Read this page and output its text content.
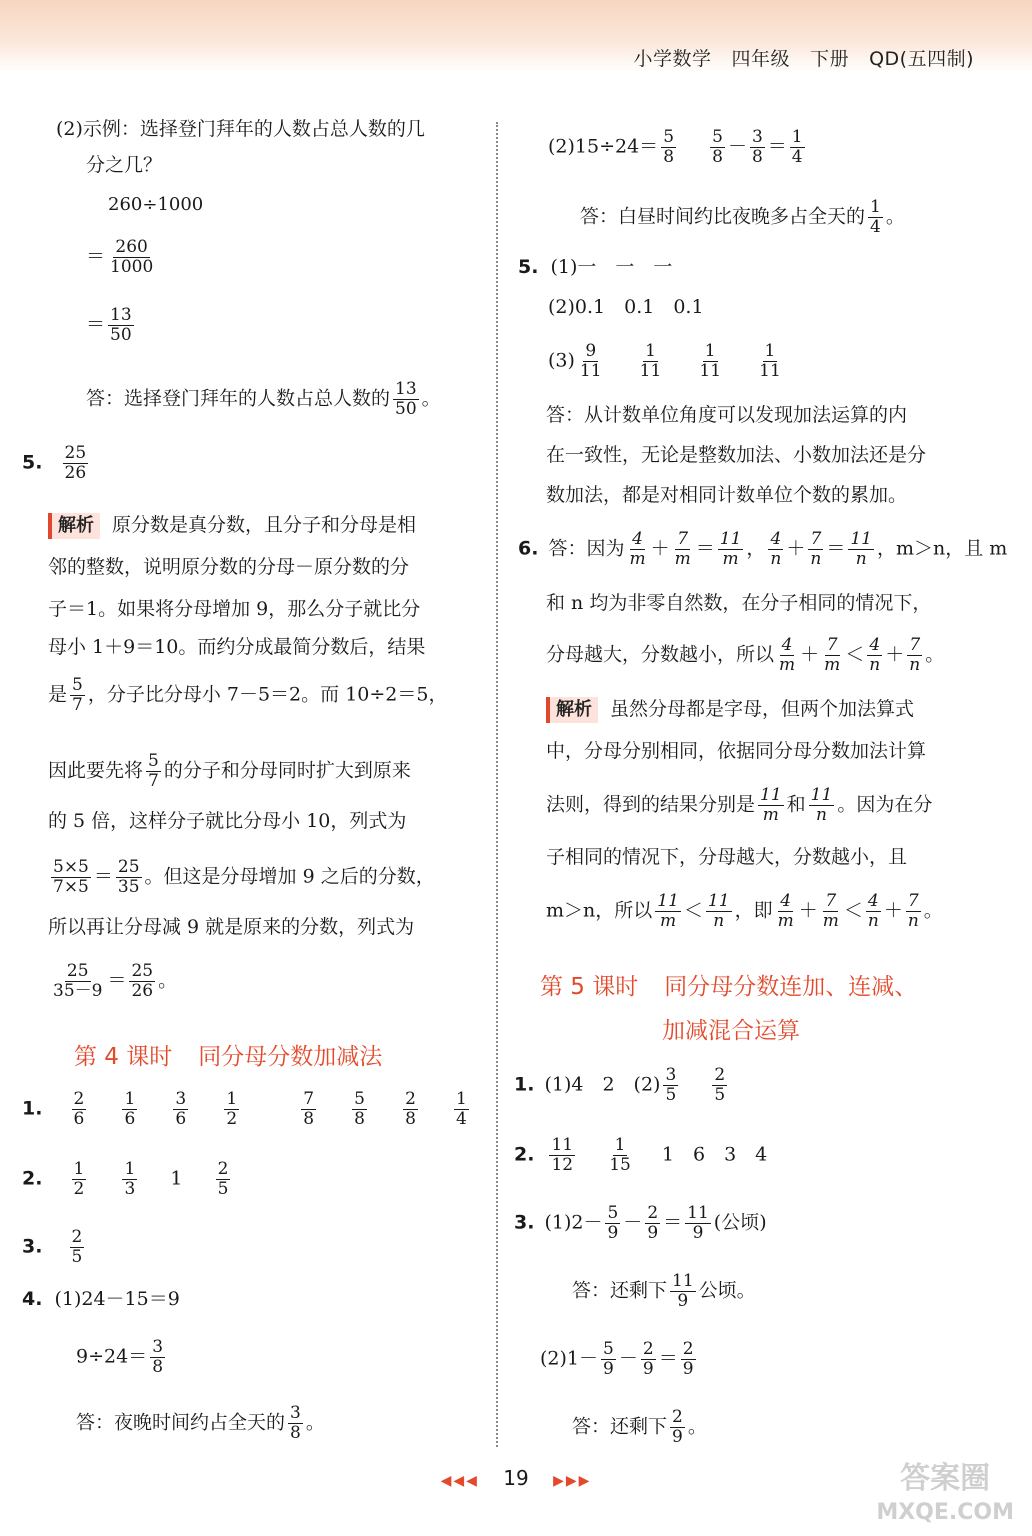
小学数学 四年级 下册 QD(五四制)
(2)示例：选择登门拜年的人数占总人数的几
分之几？
260÷1000
＝ $\frac{260}{1000}$
＝ $\frac{13}{50}$
答：选择登门拜年的人数占总人数的 $\frac{13}{50}$ 。
5. $\frac{25}{26}$
解析 原分数是真分数，且分子和分母是相
邻的整数，说明原分数的分母－原分数的分
子＝1。如果将分母增加 9，那么分子就比分
母小 1＋9＝10。而约分成最简分数后，结果
是 $\frac{5}{7}$ ，分子比分母小 7－5＝2。而 10÷2＝5，
因此要先将 $\frac{5}{7}$ 的分子和分母同时扩大到原来
的 5 倍，这样分子就比分母小 10，列式为
$\frac{5\times 5}{7\times 5} = \frac{25}{35}$ 。但这是分母增加 9 之后的分数，
所以再让分母减 9 就是原来的分数，列式为
$\frac{25}{35-9} = \frac{25}{26}$ 。
第 4 课时 同分母分数加减法
1. $\frac{2}{6}$
$\frac{1}{6}$
$\frac{3}{6}$
$\frac{1}{2}$
	$\frac{7}{8}$
$\frac{5}{8}$
$\frac{2}{8}$
$\frac{1}{4}$
2. $\frac{1}{2}$
$\frac{1}{3} 1 \frac{2}{5}$
3. $\frac{2}{5}$
4. (1)24－15＝9
$9\div 24= \frac{3}{8}$
答：夜晚时间约占全天的 $\frac{3}{8}$ 。
$(2)15\div 24= \frac{5}{8}$
$\frac{5}{8} - \frac{3}{8} = \frac{1}{4}$
答：白昼时间约比夜晚多占全天的 $\frac{1}{4}$ 。
5. (1)一　一　一
(2)0.1　0.1　0.1
$(3) \frac{9}{11}$
$\frac{1}{11}$
$\frac{1}{11}$
$\frac{1}{11}$
答：从计数单位角度可以发现加法运算的内
在一致性，无论是整数加法、小数加法还是分
数加法，都是对相同计数单位个数的累加。
6. 答：因为 $\frac{4}{m} + \frac{7}{m} = \frac{11}{m}$ ， $\frac{4}{n} + \frac{7}{n} = \frac{11}{n}$ ，m＞n，且 m
和 n 均为非零自然数，在分子相同的情况下，
分母越大，分数越小，所以 $\frac{4}{m} + \frac{7}{m} < \frac{4}{n} + \frac{7}{n}$ 。
解析 虽然分母都是字母，但两个加法算式
中，分母分别相同，依据同分母分数加法计算
法则，得到的结果分别是 $\frac{11}{m}$ 和 $\frac{11}{n}$ 。因为在分
子相同的情况下，分母越大，分数越小，且
m＞n，所以 $\frac{11}{m} < \frac{11}{n}$ ，即 $\frac{4}{m} + \frac{7}{m} < \frac{4}{n} + \frac{7}{n}$ 。
第 5 课时 同分母分数连加、连减、
加减混合运算
1. (1)4　2　$(2) \frac{3}{5}$
$\frac{2}{5}$
2. $\frac{11}{12}$
$\frac{1}{15} 1$　6　3　4
3. $(1)2- \frac{5}{9} - \frac{2}{9} = \frac{11}{9}$ (公顷)
答：还剩下 $\frac{11}{9}$ 公顷。
$(2)1- \frac{5}{9} - \frac{2}{9} = \frac{2}{9}$
答：还剩下 $\frac{2}{9}$ 。
◀◀◀ 19 ▶▶▶	答案圈
MXQE.COM
